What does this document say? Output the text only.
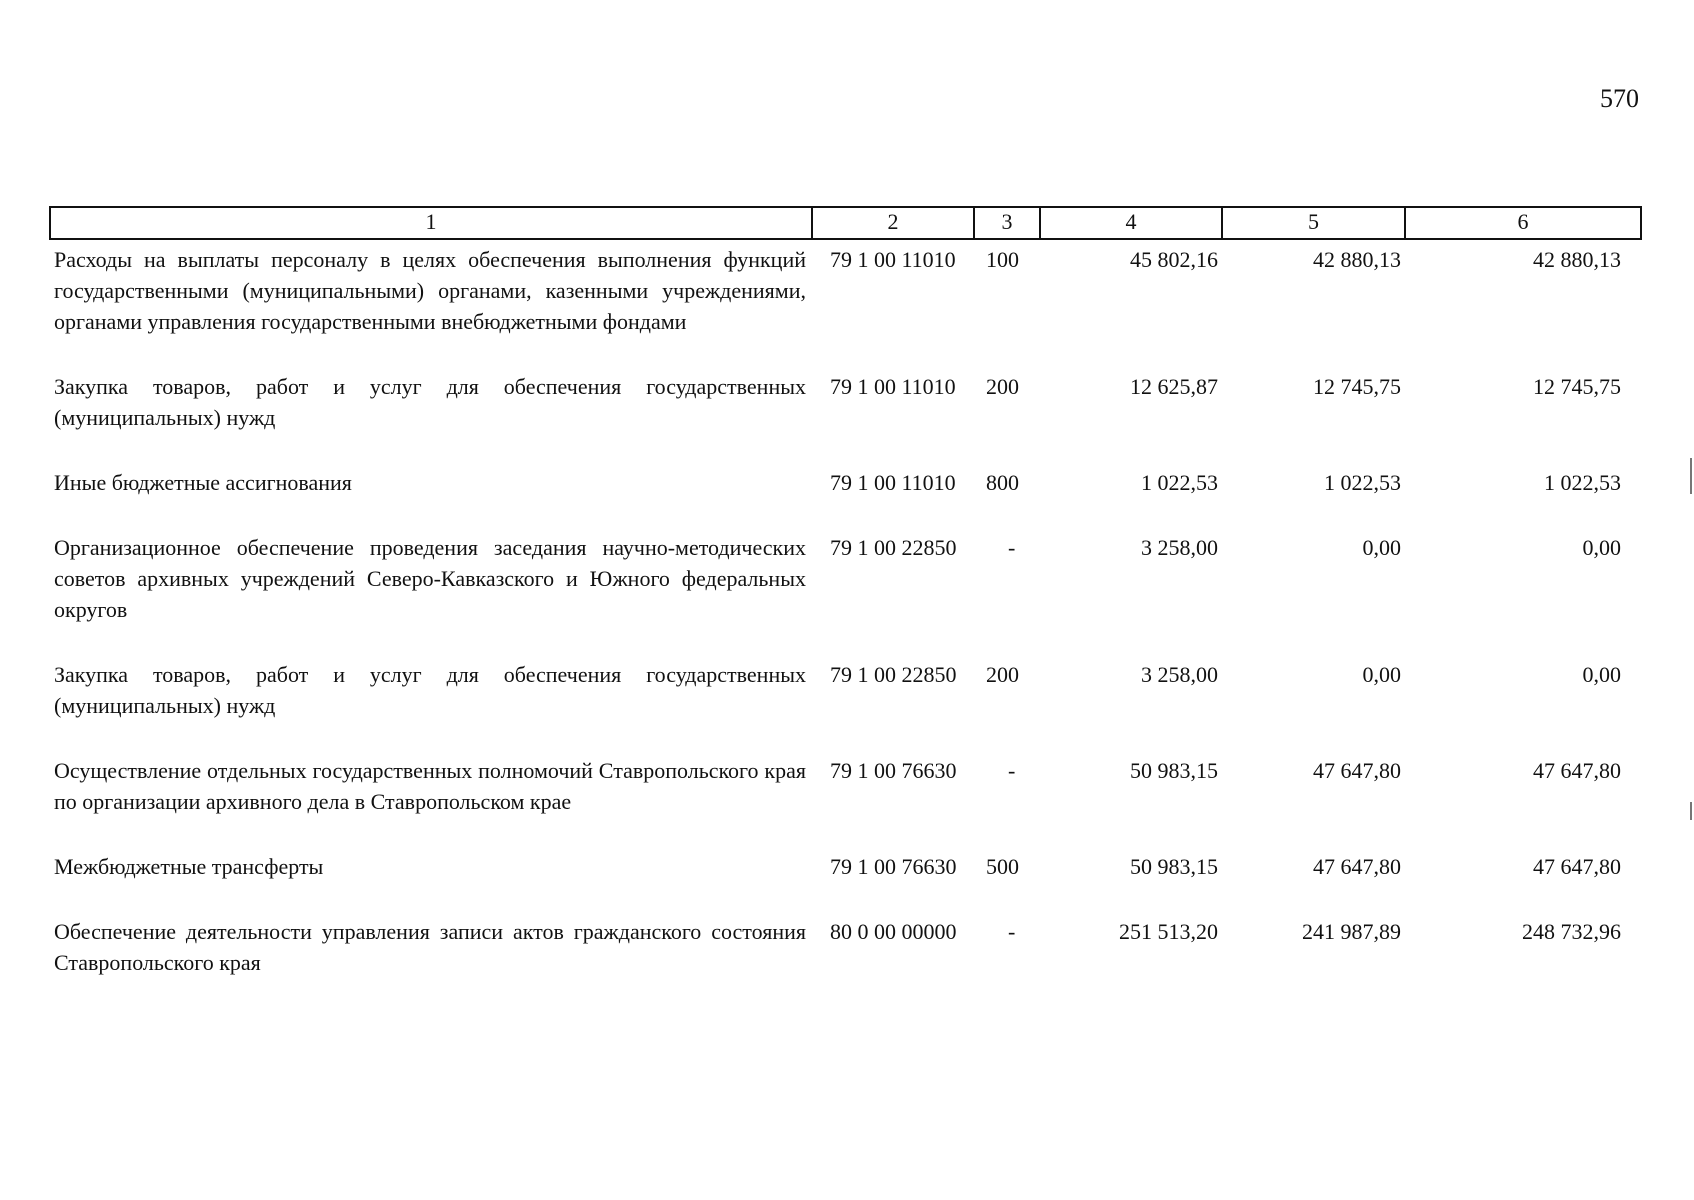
570
1	2	3	4	5	6
Расходы на выплаты персоналу в целях обеспечения выполнения функций государственными (муниципальными) органами, казенными учреждениями, органами управления государственными внебюджетными фондами	79 1 00 11010	100	45 802,16	42 880,13	42 880,13
Закупка товаров, работ и услуг для обеспечения государственных (муниципальных) нужд	79 1 00 11010	200	12 625,87	12 745,75	12 745,75
Иные бюджетные ассигнования	79 1 00 11010	800	1 022,53	1 022,53	1 022,53
Организационное обеспечение проведения заседания научно-методических советов архивных учреждений Северо-Кавказского и Южного федеральных округов	79 1 00 22850	-	3 258,00	0,00	0,00
Закупка товаров, работ и услуг для обеспечения государственных (муниципальных) нужд	79 1 00 22850	200	3 258,00	0,00	0,00
Осуществление отдельных государственных полномочий Ставропольского края по организации архивного дела в Ставропольском крае	79 1 00 76630	-	50 983,15	47 647,80	47 647,80
Межбюджетные трансферты	79 1 00 76630	500	50 983,15	47 647,80	47 647,80
Обеспечение деятельности управления записи актов гражданского состояния Ставропольского края	80 0 00 00000	-	251 513,20	241 987,89	248 732,96
